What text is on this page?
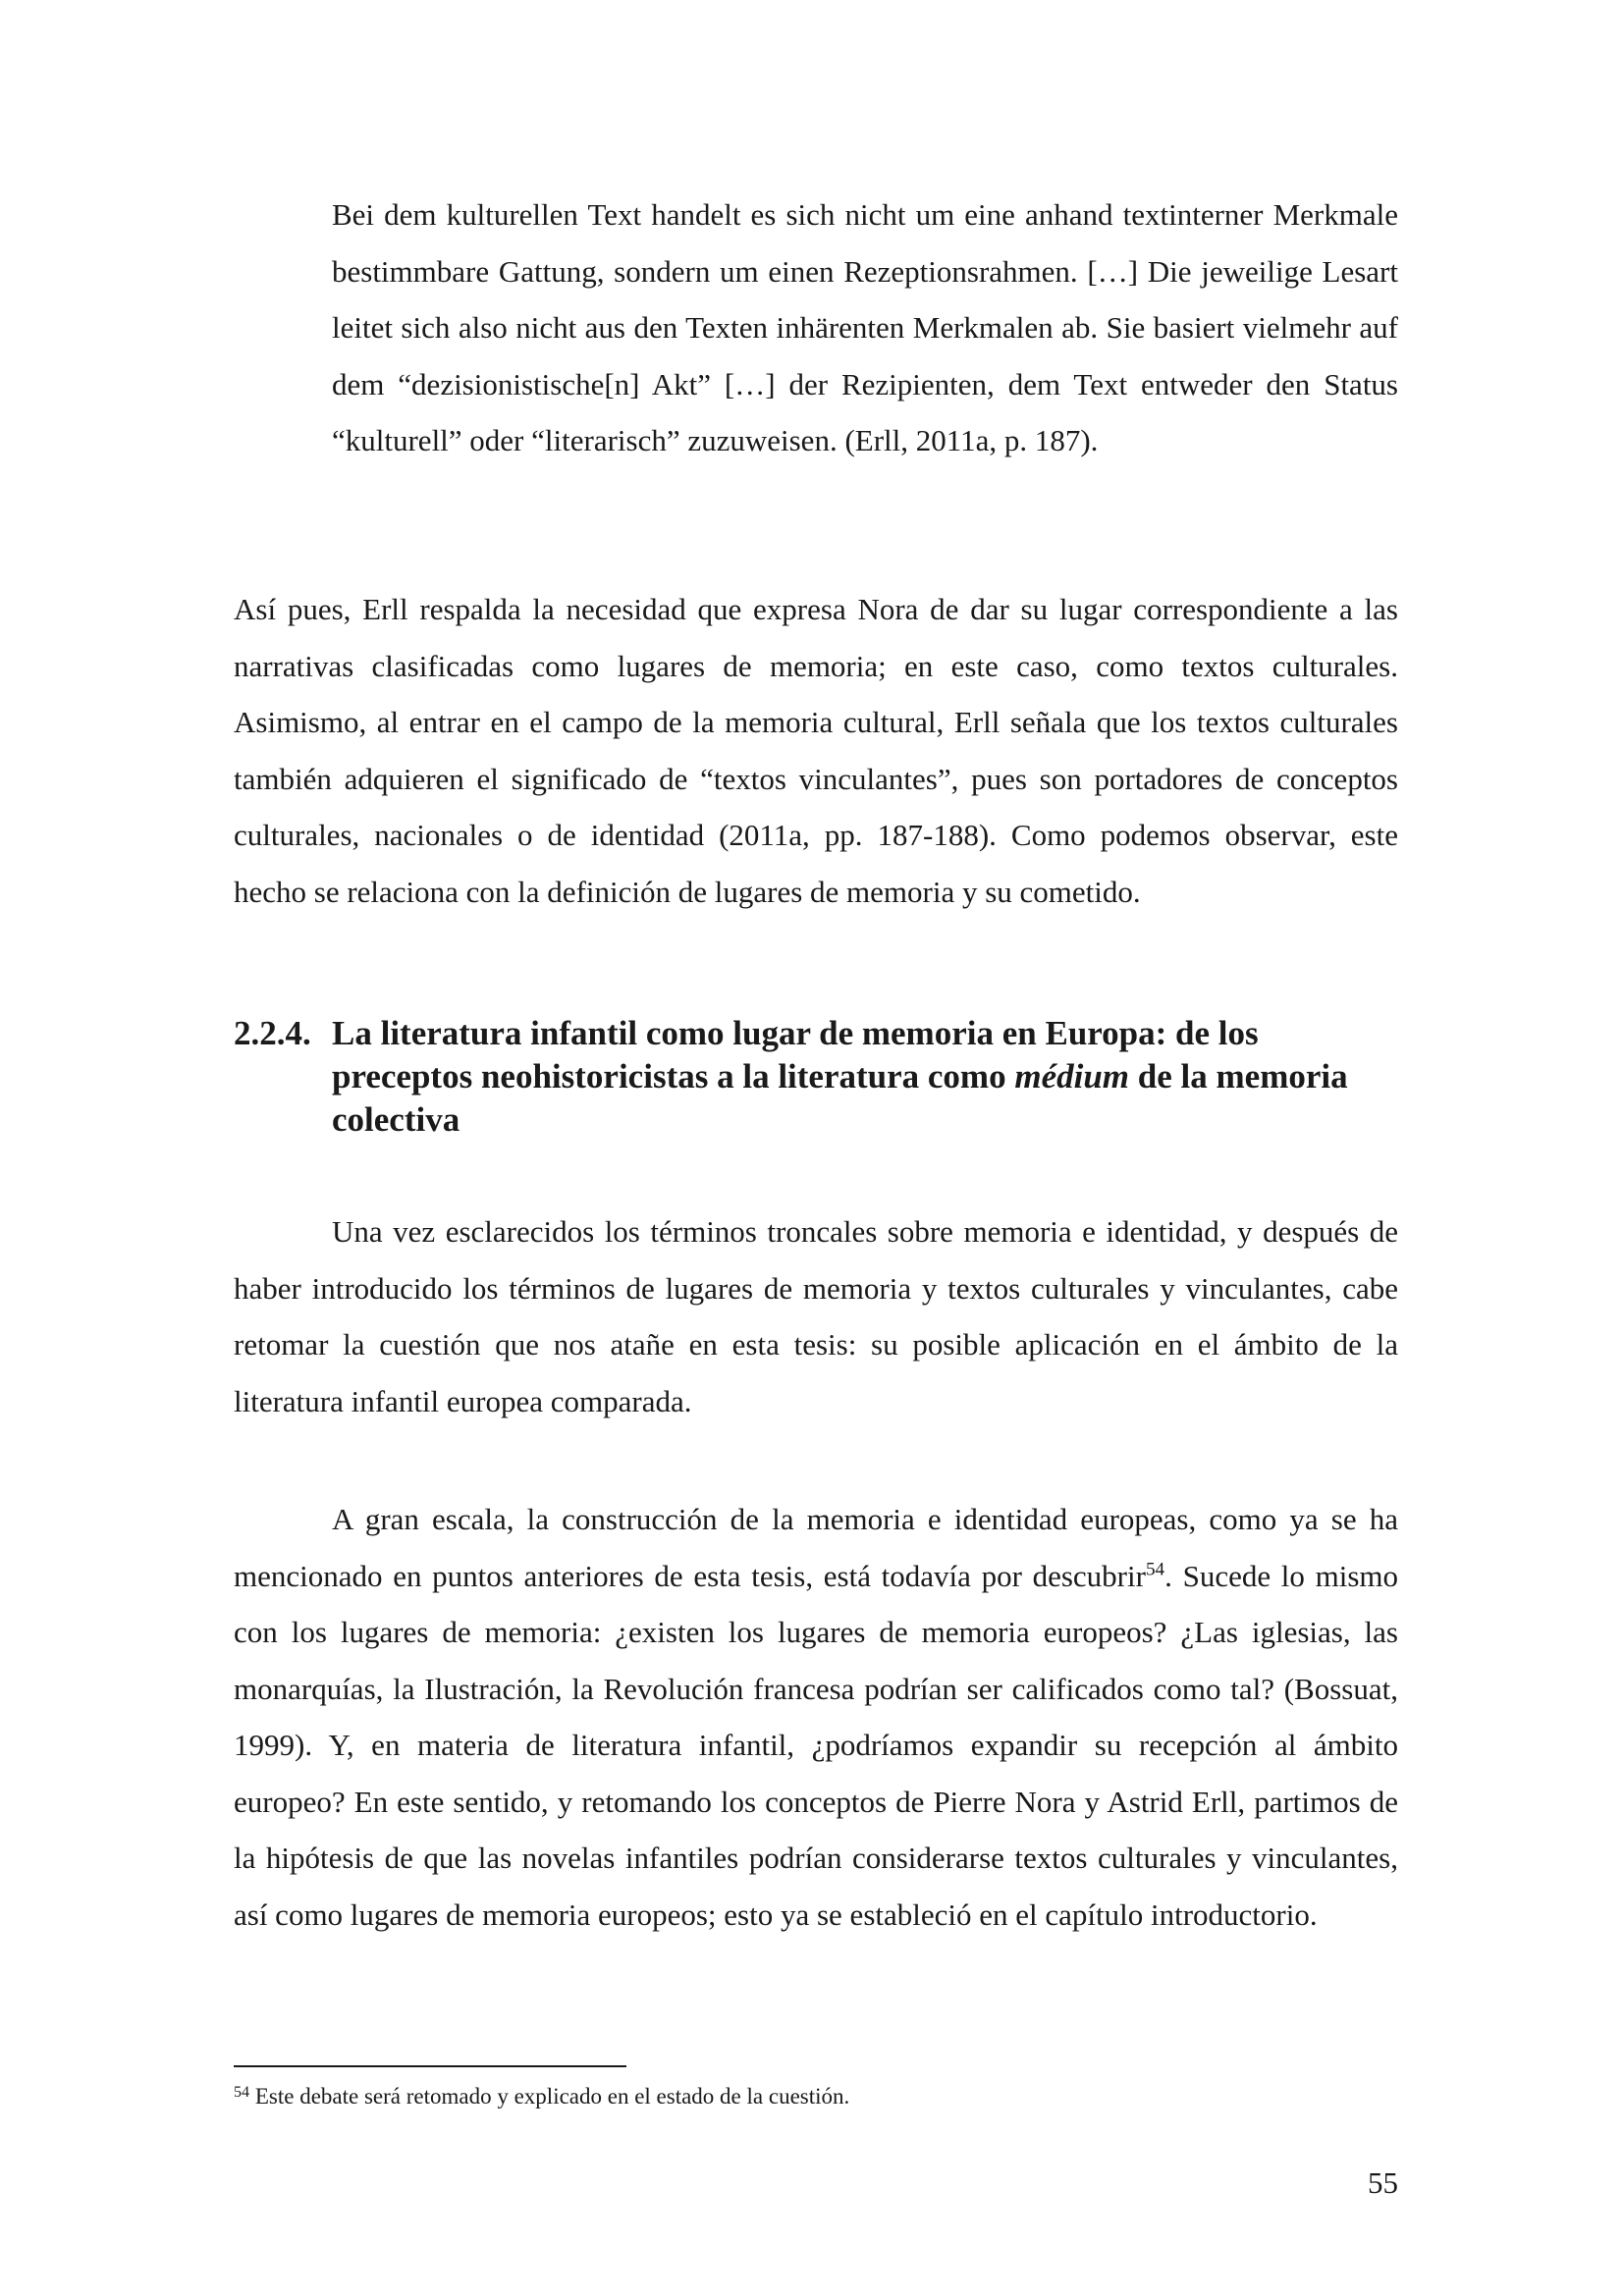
Bei dem kulturellen Text handelt es sich nicht um eine anhand textinterner Merkmale bestimmbare Gattung, sondern um einen Rezeptionsrahmen. […] Die jeweilige Lesart leitet sich also nicht aus den Texten inhärenten Merkmalen ab. Sie basiert vielmehr auf dem “dezisionistische[n] Akt” […] der Rezipienten, dem Text entweder den Status “kulturell” oder “literarisch” zuzuweisen. (Erll, 2011a, p. 187).
Así pues, Erll respalda la necesidad que expresa Nora de dar su lugar correspondiente a las narrativas clasificadas como lugares de memoria; en este caso, como textos culturales. Asimismo, al entrar en el campo de la memoria cultural, Erll señala que los textos culturales también adquieren el significado de “textos vinculantes”, pues son portadores de conceptos culturales, nacionales o de identidad (2011a, pp. 187-188). Como podemos observar, este hecho se relaciona con la definición de lugares de memoria y su cometido.
2.2.4. La literatura infantil como lugar de memoria en Europa: de los preceptos neohistoricistas a la literatura como médium de la memoria colectiva
Una vez esclarecidos los términos troncales sobre memoria e identidad, y después de haber introducido los términos de lugares de memoria y textos culturales y vinculantes, cabe retomar la cuestión que nos atañe en esta tesis: su posible aplicación en el ámbito de la literatura infantil europea comparada.
A gran escala, la construcción de la memoria e identidad europeas, como ya se ha mencionado en puntos anteriores de esta tesis, está todavía por descubrir$^{54}$. Sucede lo mismo con los lugares de memoria: ¿existen los lugares de memoria europeos? ¿Las iglesias, las monarquías, la Ilustración, la Revolución francesa podrían ser calificados como tal? (Bossuat, 1999). Y, en materia de literatura infantil, ¿podríamos expandir su recepción al ámbito europeo? En este sentido, y retomando los conceptos de Pierre Nora y Astrid Erll, partimos de la hipótesis de que las novelas infantiles podrían considerarse textos culturales y vinculantes, así como lugares de memoria europeos; esto ya se estableció en el capítulo introductorio.
$^{54}$ Este debate será retomado y explicado en el estado de la cuestión.
55
